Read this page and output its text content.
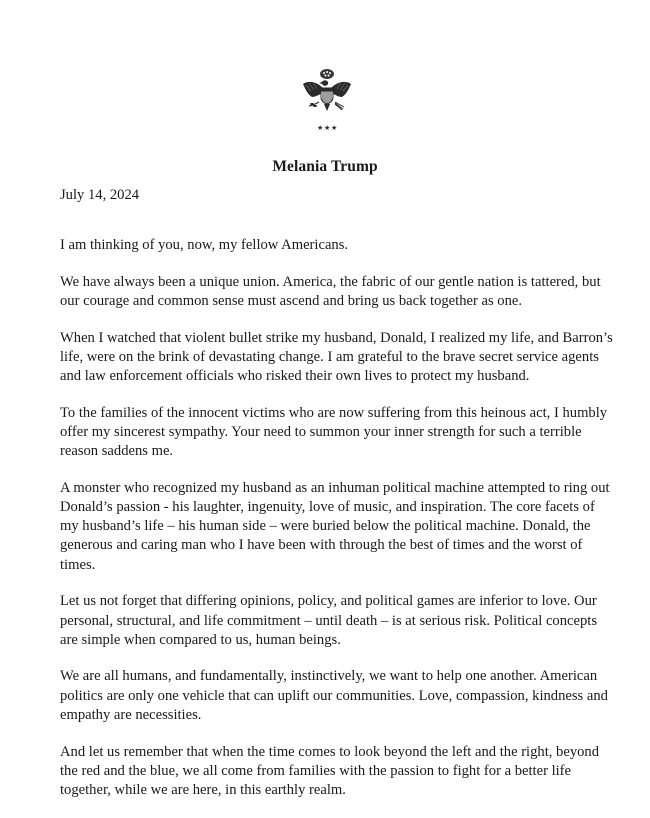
★ ★ ★
Melania Trump
July 14, 2024

I am thinking of you, now, my fellow Americans.

We have always been a unique union. America, the fabric of our gentle nation is tattered, but our courage and common sense must ascend and bring us back together as one.

When I watched that violent bullet strike my husband, Donald, I realized my life, and Barron’s life, were on the brink of devastating change. I am grateful to the brave secret service agents and law enforcement officials who risked their own lives to protect my husband.

To the families of the innocent victims who are now suffering from this heinous act, I humbly offer my sincerest sympathy. Your need to summon your inner strength for such a terrible reason saddens me.

A monster who recognized my husband as an inhuman political machine attempted to ring out Donald’s passion - his laughter, ingenuity, love of music, and inspiration. The core facets of my husband’s life – his human side – were buried below the political machine. Donald, the generous and caring man who I have been with through the best of times and the worst of times.

Let us not forget that differing opinions, policy, and political games are inferior to love. Our personal, structural, and life commitment – until death – is at serious risk. Political concepts are simple when compared to us, human beings.

We are all humans, and fundamentally, instinctively, we want to help one another. American politics are only one vehicle that can uplift our communities. Love, compassion, kindness and empathy are necessities.

And let us remember that when the time comes to look beyond the left and the right, beyond the red and the blue, we all come from families with the passion to fight for a better life together, while we are here, in this earthly realm.
